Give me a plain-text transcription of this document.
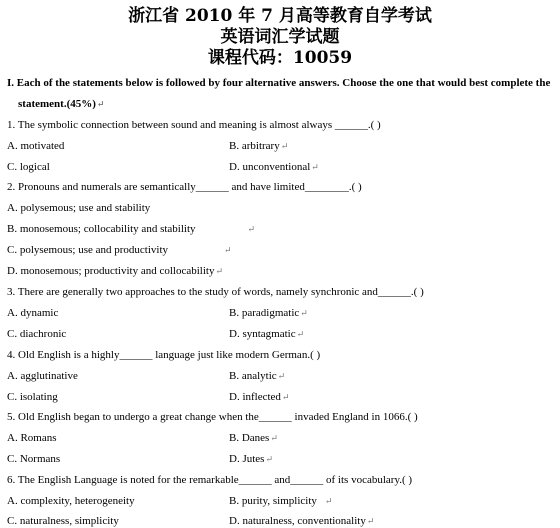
浙江省 2010 年 7 月高等教育自学考试
英语词汇学试题
课程代码：10059
I. Each of the statements below is followed by four alternative answers. Choose the one that would best complete the
statement.(45%)↵
1. The symbolic connection between sound and meaning is almost always ______.( )
A. motivated	B. arbitrary↵
C. logical	D. unconventional↵
2. Pronouns and numerals are semantically______ and have limited________.( )
A. polysemous; use and stability
B. monosemous; collocability and stability	↵
C. polysemous; use and productivity	↵
D. monosemous; productivity and collocability↵
3. There are generally two approaches to the study of words, namely synchronic and______.( )
A. dynamic	B. paradigmatic↵
C. diachronic	D. syntagmatic↵
4. Old English is a highly______ language just like modern German.( )
A. agglutinative	B. analytic↵
C. isolating	D. inflected↵
5. Old English began to undergo a great change when the______ invaded England in 1066.( )
A. Romans	B. Danes↵
C. Normans	D. Jutes↵
6. The English Language is noted for the remarkable______ and______ of its vocabulary.( )
A. complexity, heterogeneity	B. purity, simplicity ↵
C. naturalness, simplicity	D. naturalness, conventionality↵
